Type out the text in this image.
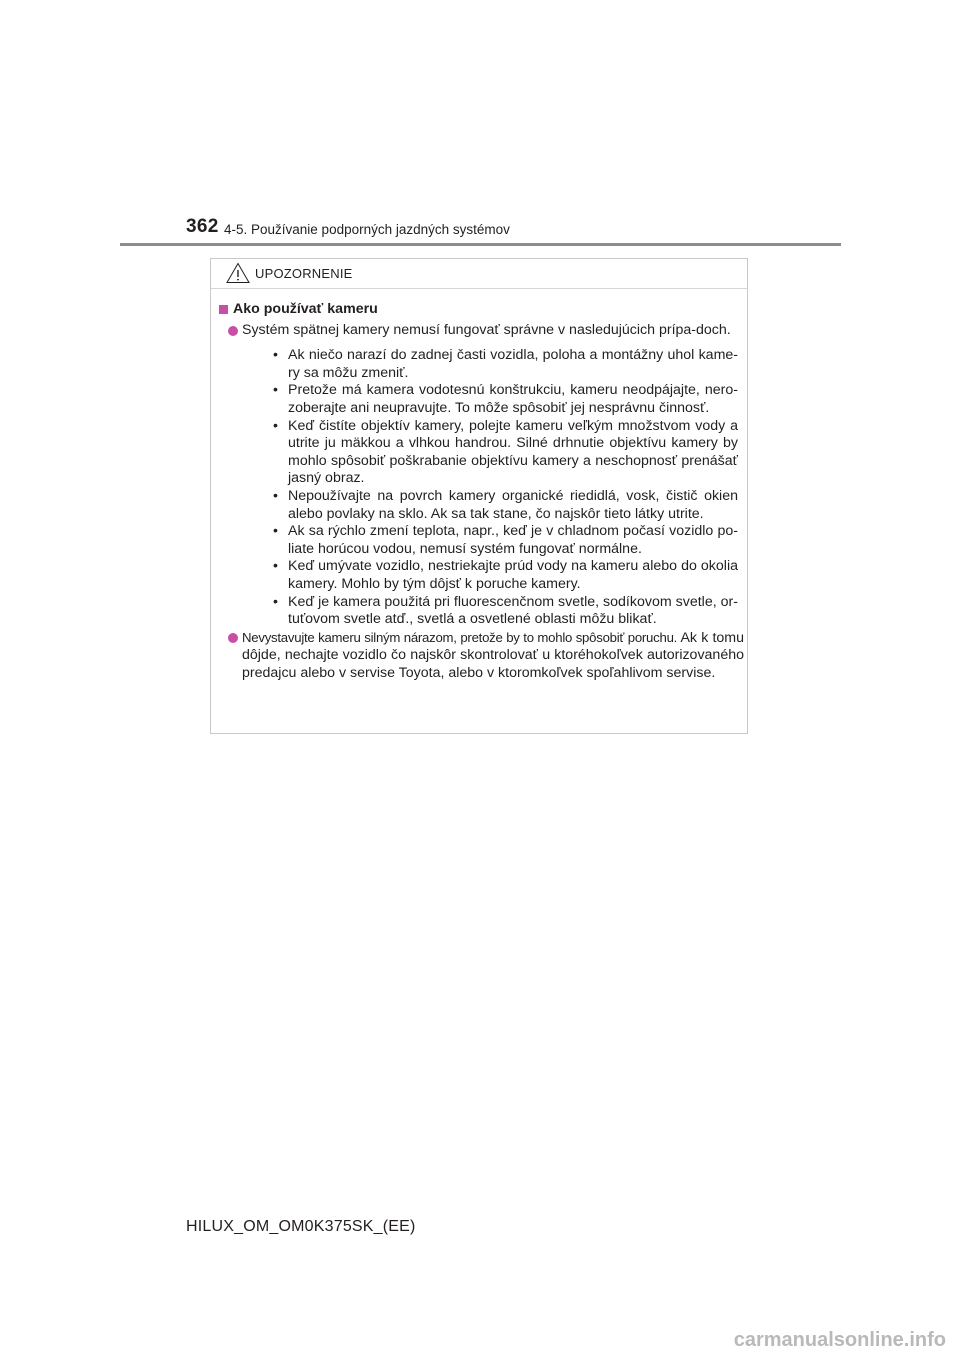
362 4-5. Používanie podporných jazdných systémov
UPOZORNENIE
Ako používať kameru
Systém spätnej kamery nemusí fungovať správne v nasledujúcich prípa-doch.
• Ak niečo narazí do zadnej časti vozidla, poloha a montážny uhol kame-ry sa môžu zmeniť.
• Pretože má kamera vodotesnú konštrukciu, kameru neodpájajte, nero-zoberajte ani neupravujte. To môže spôsobiť jej nesprávnu činnosť.
• Keď čistíte objektív kamery, polejte kameru veľkým množstvom vody a utrite ju mäkkou a vlhkou handrou. Silné drhnutie objektívu kamery by mohlo spôsobiť poškrabanie objektívu kamery a neschopnosť prenášať jasný obraz.
• Nepoužívajte na povrch kamery organické riedidlá, vosk, čistič okien alebo povlaky na sklo. Ak sa tak stane, čo najskôr tieto látky utrite.
• Ak sa rýchlo zmení teplota, napr., keď je v chladnom počasí vozidlo po-liate horúcou vodou, nemusí systém fungovať normálne.
• Keď umývate vozidlo, nestriekajte prúd vody na kameru alebo do okolia kamery. Mohlo by tým dôjsť k poruche kamery.
• Keď je kamera použitá pri fluorescenčnom svetle, sodíkovom svetle, or-tuťovom svetle atď., svetlá a osvetlené oblasti môžu blikať.
Nevystavujte kameru silným nárazom, pretože by to mohlo spôsobiť poruchu. Ak k tomu dôjde, nechajte vozidlo čo najskôr skontrolovať u ktoréhokoľvek autorizovaného predajcu alebo v servise Toyota, alebo v ktoromkoľvek spoľahlivom servise.
HILUX_OM_OM0K375SK_(EE)
carmanualsonline.info
